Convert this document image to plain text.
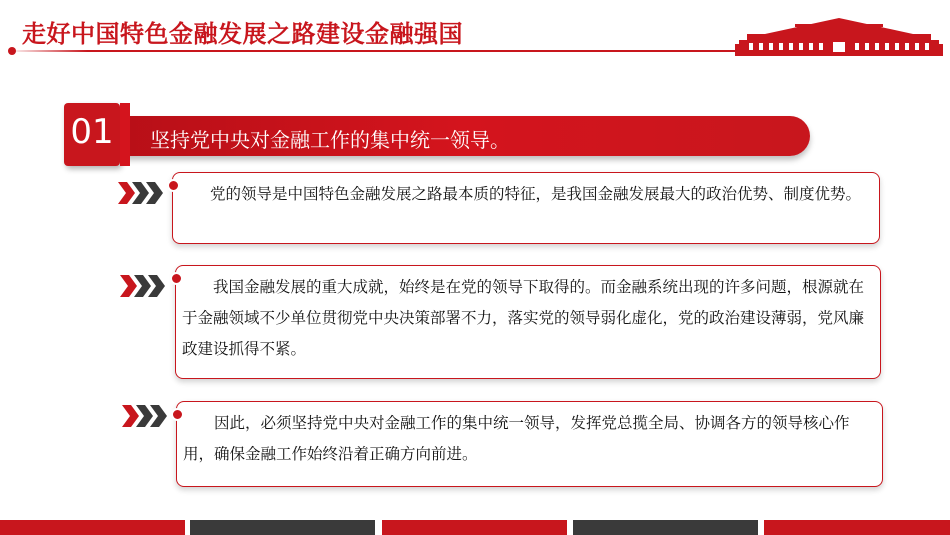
走好中国特色金融发展之路建设金融强国
坚持党中央对金融工作的集中统一领导。
01
党的领导是中国特色金融发展之路最本质的特征，是我国金融发展最大的政治优势、制度优势。
我国金融发展的重大成就，始终是在党的领导下取得的。而金融系统出现的许多问题，根源就在于金融领域不少单位贯彻党中央决策部署不力，落实党的领导弱化虚化，党的政治建设薄弱，党风廉政建设抓得不紧。
因此，必须坚持党中央对金融工作的集中统一领导，发挥党总揽全局、协调各方的领导核心作用，确保金融工作始终沿着正确方向前进。
